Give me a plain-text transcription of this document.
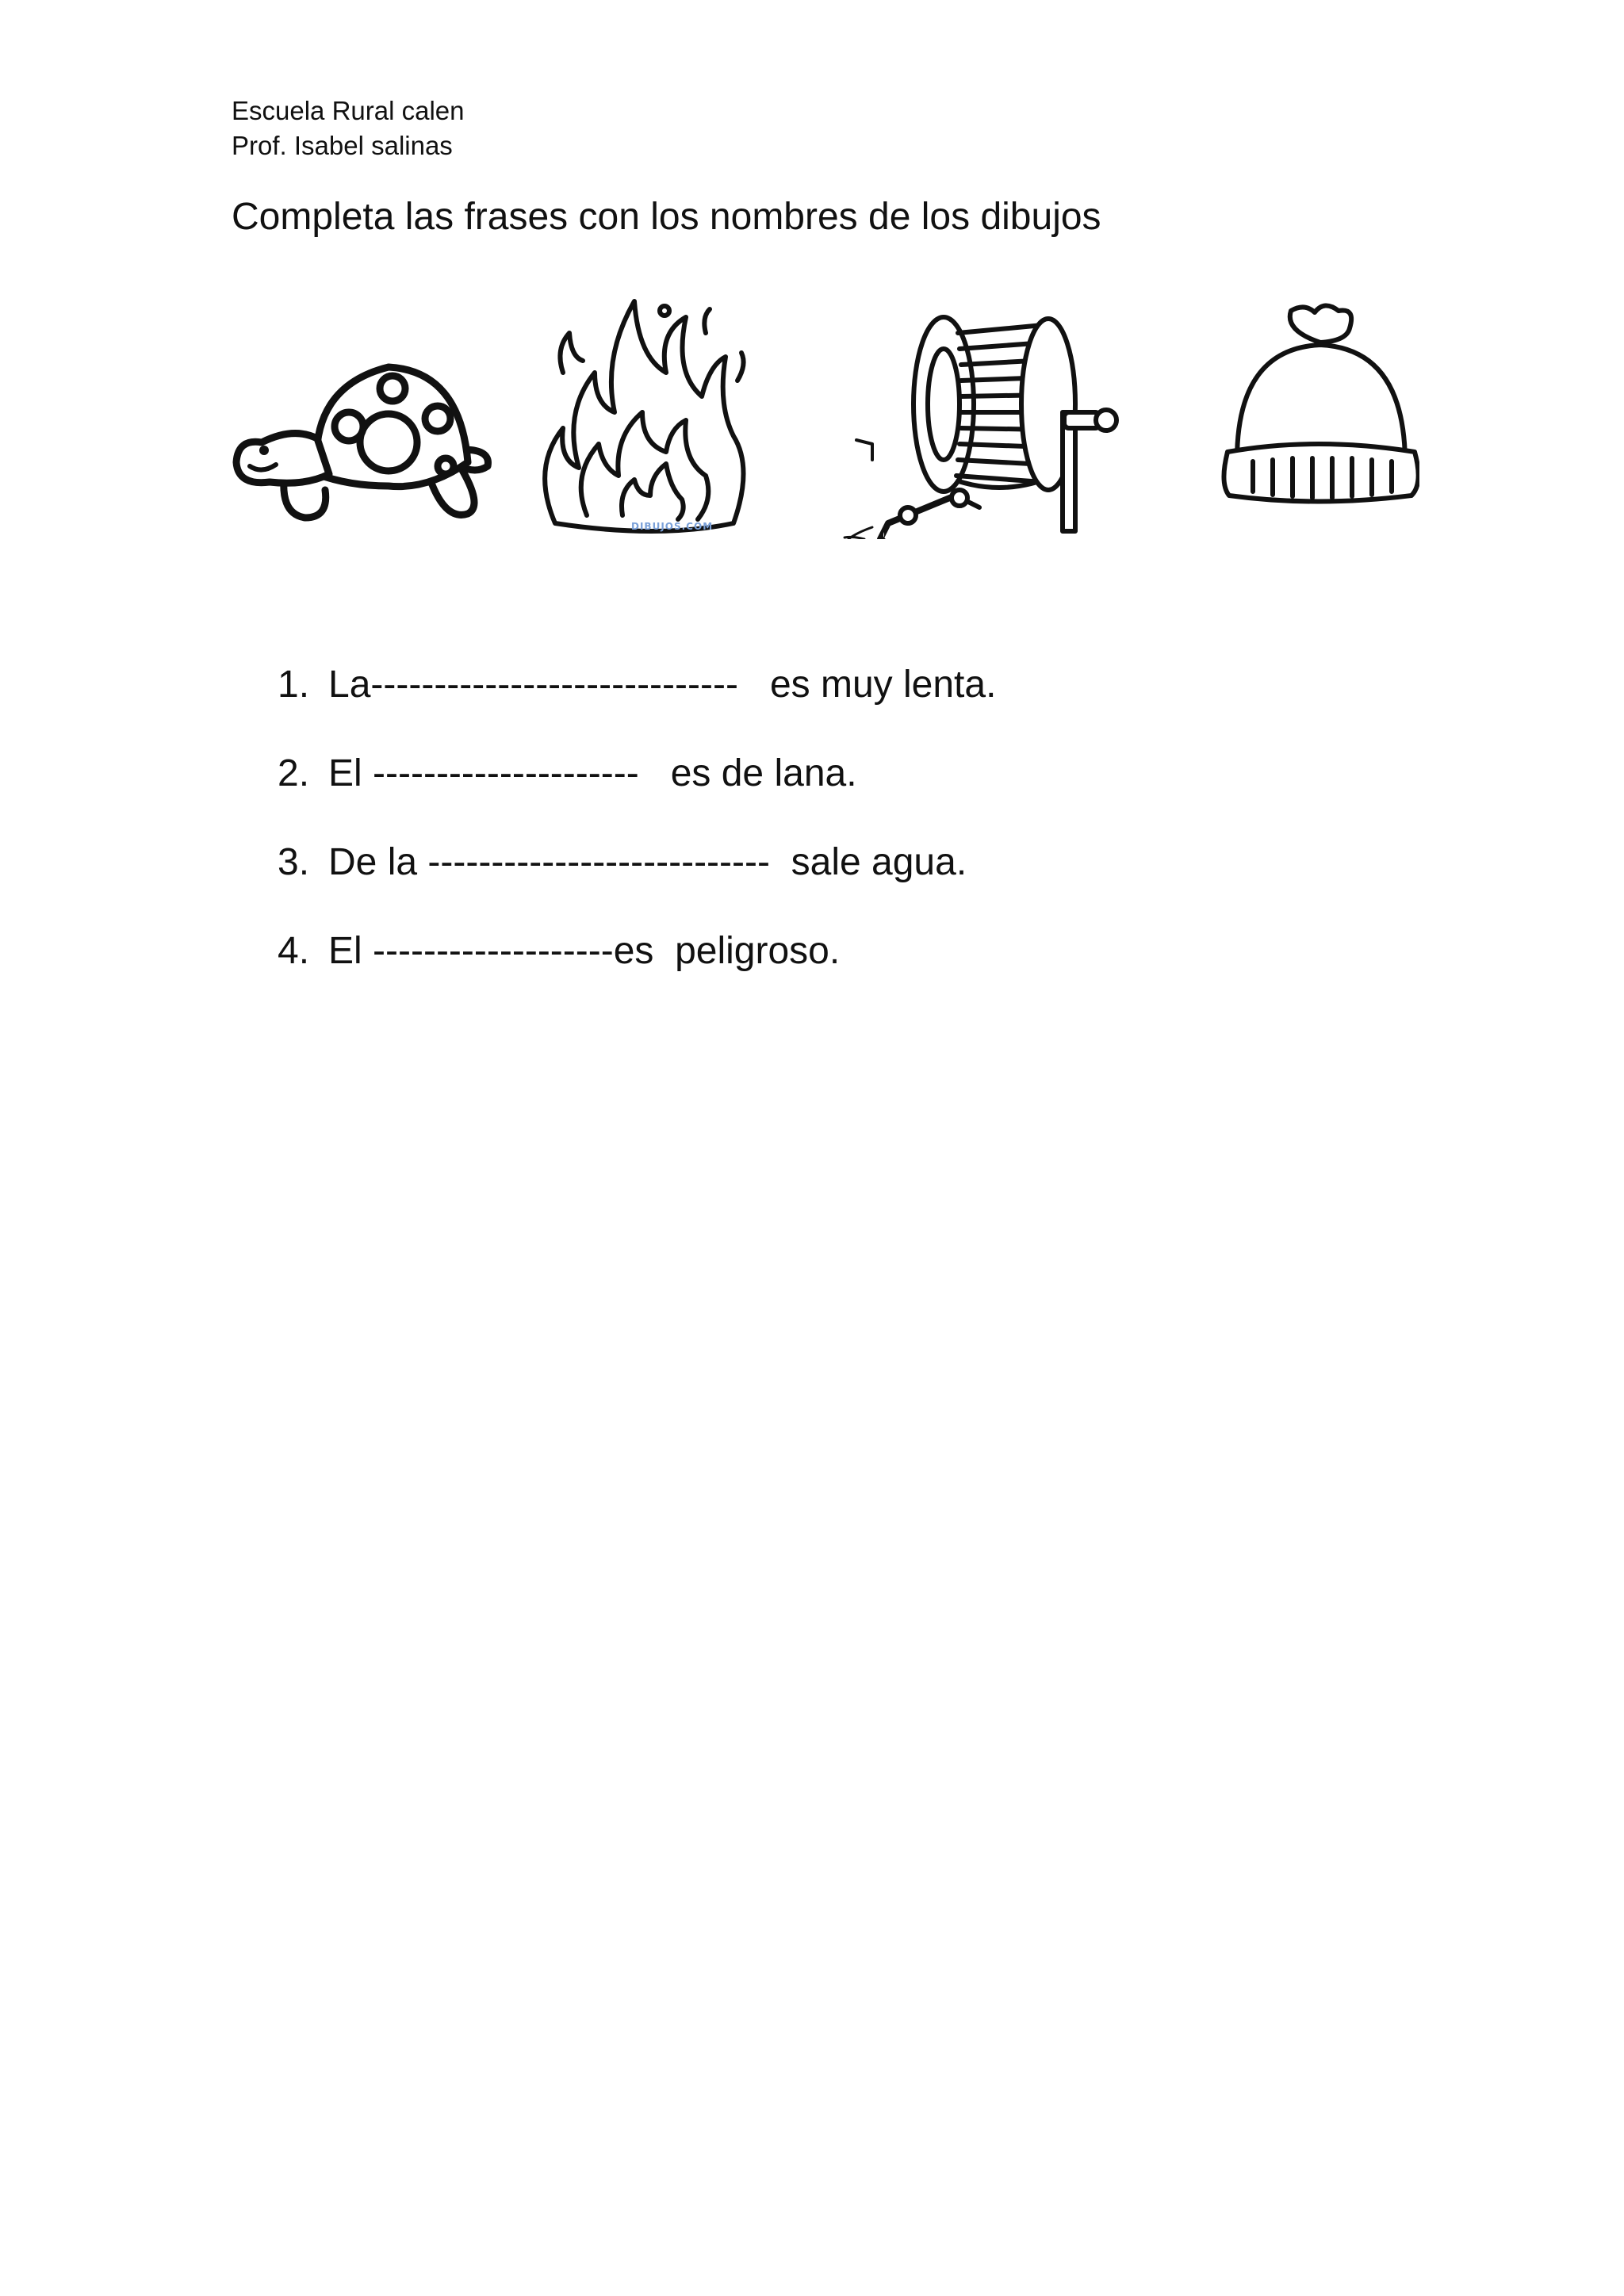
Escuela Rural calen
Prof. Isabel salinas
Completa las frases con los nombres de los dibujos
DIBUJOS.COM
1. La-----------------------------   es muy lenta.
2. El ---------------------   es de lana.
3. De la ---------------------------  sale agua.
4. El -------------------es  peligroso.
